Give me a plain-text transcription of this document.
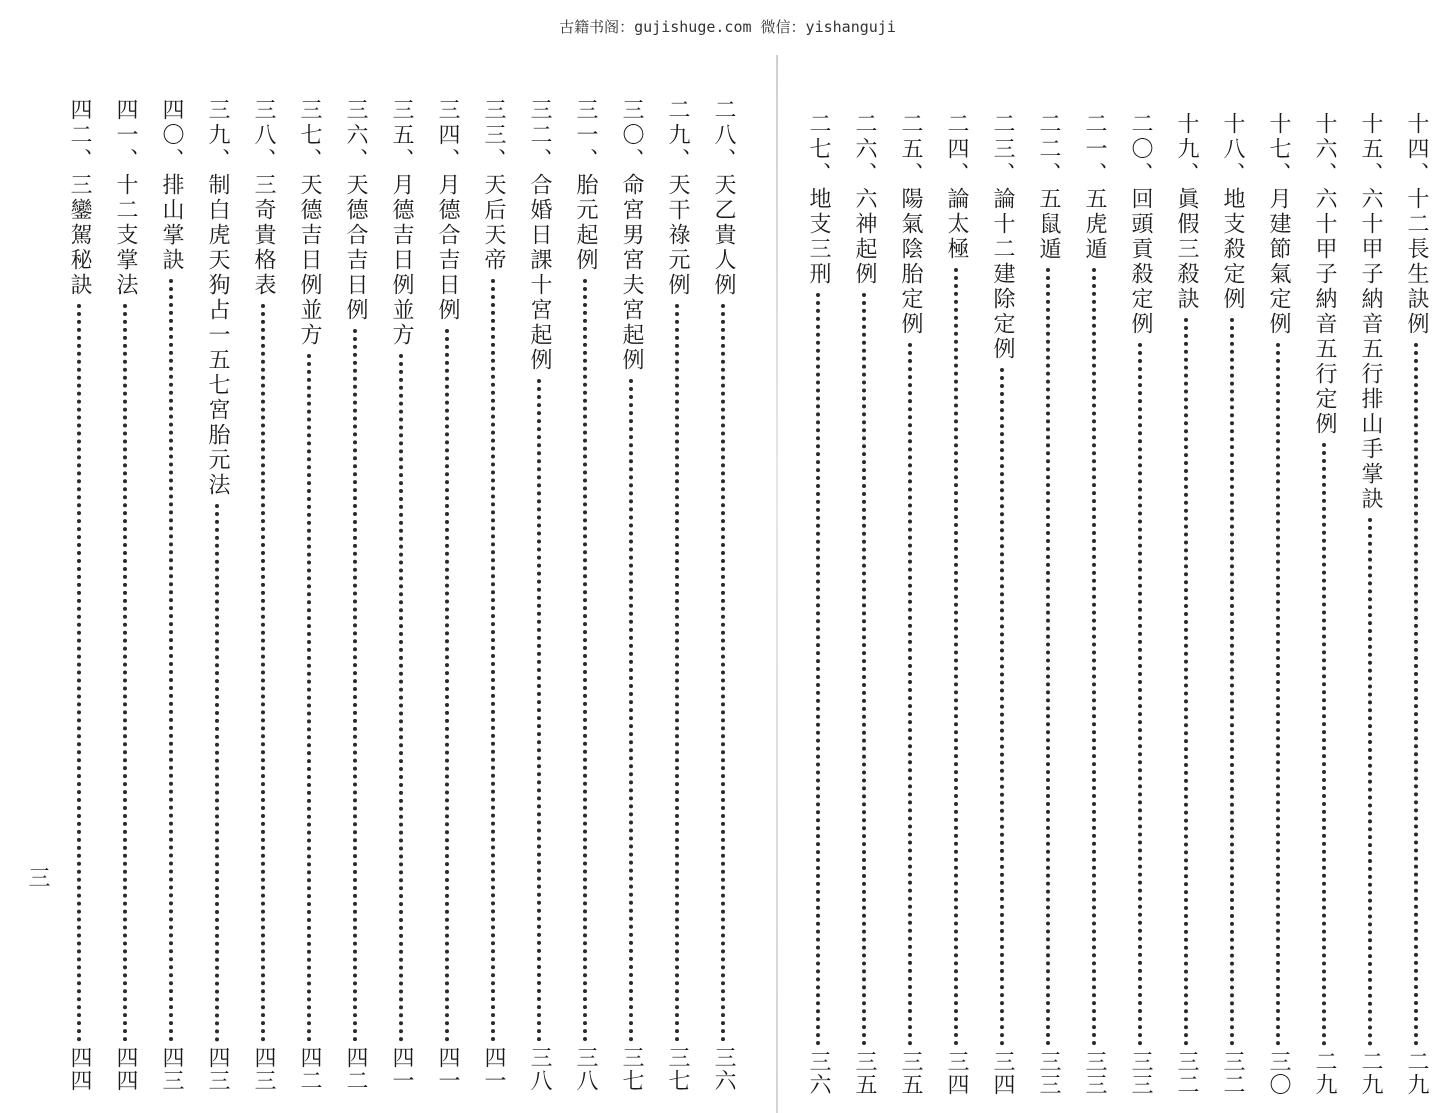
古籍书阁：gujishuge.com 微信：yishanguji
三
二八、天乙貴人例
三六
二九、天干祿元例
三七
三〇、命宮男宮夫宮起例
三七
三一、胎元起例
三八
三二、合婚日課十宮起例
三八
三三、天后天帝
四一
三四、月德合吉日例
四一
三五、月德吉日例並方
四一
三六、天德合吉日例
四二
三七、天德吉日例並方
四二
三八、三奇貴格表
四三
三九、制白虎天狗占一五七宮胎元法
四三
四〇、排山掌訣
四三
四一、十二支掌法
四四
四二、三鑾駕秘訣
四四
十四、十二長生訣例
二九
十五、六十甲子納音五行排山手掌訣
二九
十六、六十甲子納音五行定例
二九
十七、月建節氣定例
三〇
十八、地支殺定例
三二
十九、眞假三殺訣
三二
二〇、回頭貢殺定例
三三
二一、五虎遁
三三
二二、五鼠遁
三三
二三、論十二建除定例
三四
二四、論太極
三四
二五、陽氣陰胎定例
三五
二六、六神起例
三五
二七、地支三刑
三六
